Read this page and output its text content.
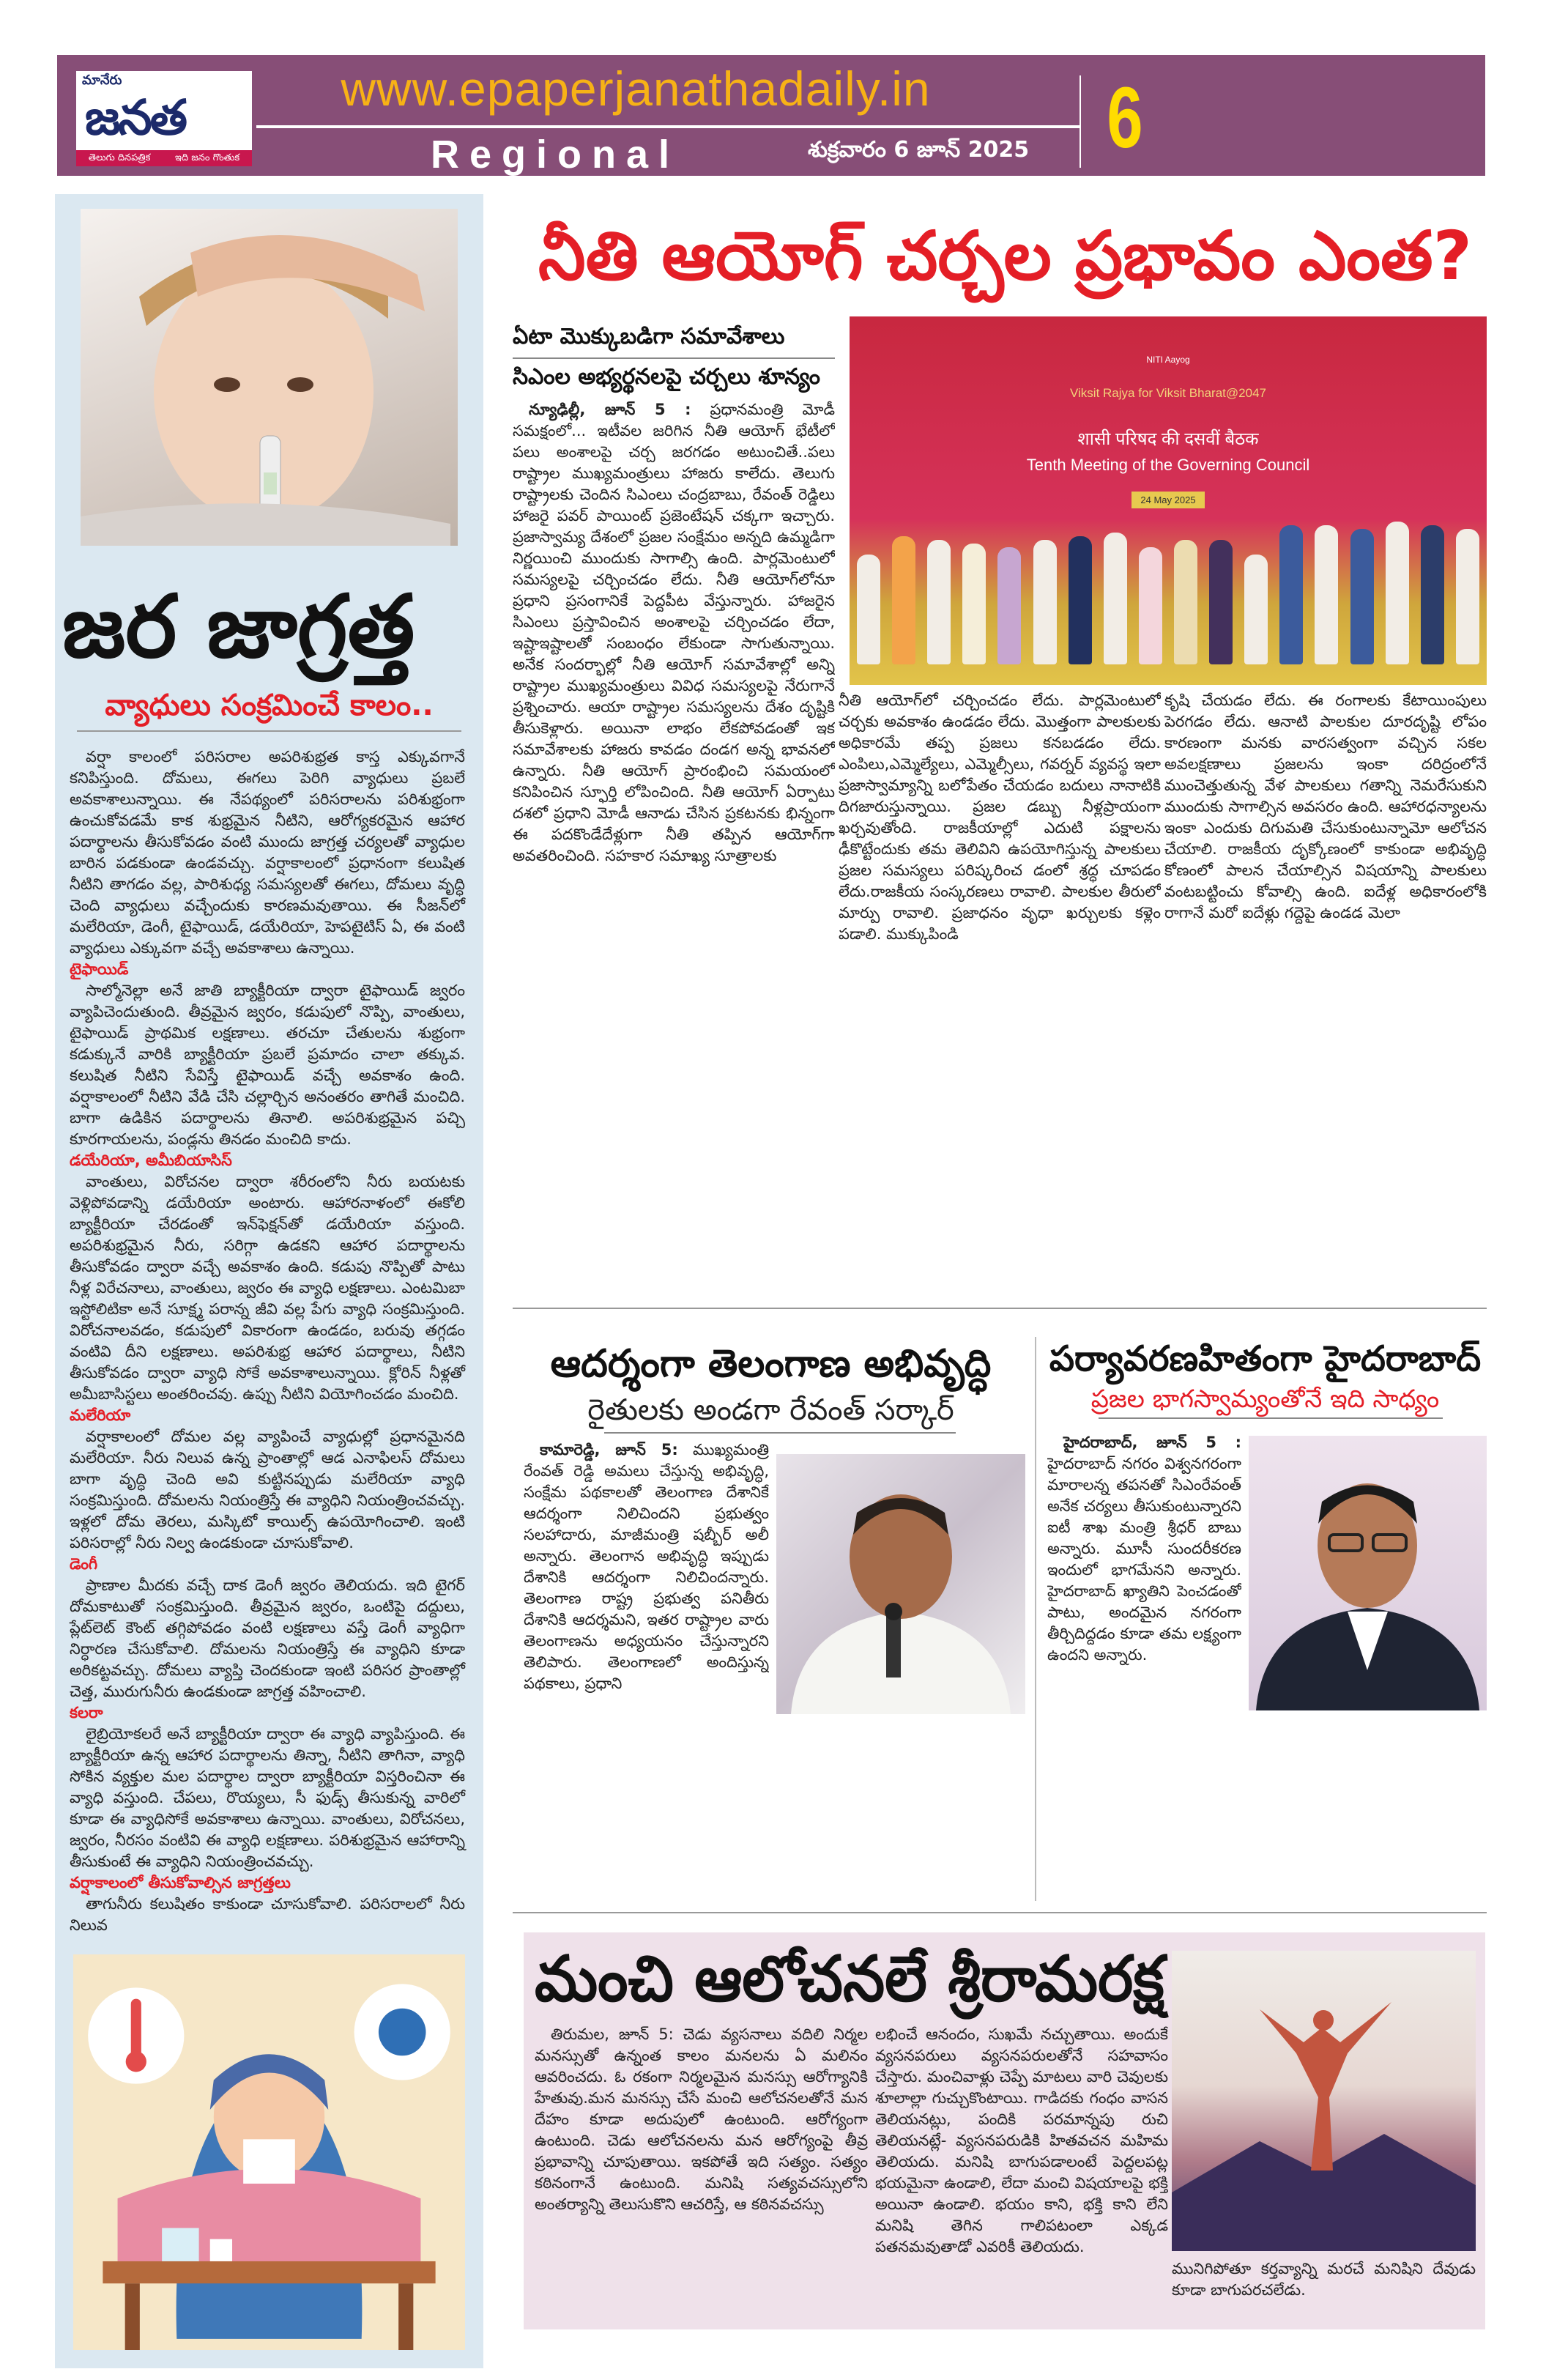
మానేరు
జనత
తెలుగు దినపత్రిక	ఇది జనం గొంతుక
www.epaperjanathadaily.in
Regional	శుక్రవారం 6 జూన్ 2025 6
జర జాగ్రత్త
వ్యాధులు సంక్రమించే కాలం..

వర్షా కాలంలో పరిసరాల అపరిశుభ్రత కాస్త ఎక్కువగానే కనిపిస్తుంది. దోమలు, ఈగలు పెరిగి వ్యాధులు ప్రబలే అవకాశాలున్నాయి. ఈ నేపథ్యంలో పరిసరాలను పరిశుభ్రంగా ఉంచుకోవడమే కాక శుభ్రమైన నీటిని, ఆరోగ్యకరమైన ఆహార పదార్థాలను తీసుకోవడం వంటి ముందు జాగ్రత్త చర్యలతో వ్యాధుల బారిన పడకుండా ఉండవచ్చు. వర్షాకాలంలో ప్రధానంగా కలుషిత నీటిని తాగడం వల్ల, పారిశుధ్య సమస్యలతో ఈగలు, దోమలు వృద్ధి చెంది వ్యాధులు వచ్చేందుకు కారణమవుతాయి. ఈ సీజన్‌లో మలేరియా, డెంగీ, టైఫాయిడ్, డయేరియా, హెపటైటిస్ ఏ, ఈ వంటి వ్యాధులు ఎక్కువగా వచ్చే అవకాశాలు ఉన్నాయి.

టైఫాయిడ్

సాల్మోనెల్లా అనే జాతి బ్యాక్టీరియా ద్వారా టైఫాయిడ్ జ్వరం వ్యాపిచెందుతుంది. తీవ్రమైన జ్వరం, కడుపులో నొప్పి, వాంతులు, టైఫాయిడ్ ప్రాథమిక లక్షణాలు. తరచూ చేతులను శుభ్రంగా కడుక్కునే వారికి బ్యాక్టీరియా ప్రబలే ప్రమాదం చాలా తక్కువ. కలుషిత నీటిని సేవిస్తే టైఫాయిడ్ వచ్చే అవకాశం ఉంది. వర్షాకాలంలో నీటిని వేడి చేసి చల్లార్చిన అనంతరం తాగితే మంచిది. బాగా ఉడికిన పదార్థాలను తినాలి. అపరిశుభ్రమైన పచ్చి కూరగాయలను, పండ్లను తినడం మంచిది కాదు.

డయేరియా, అమీబియాసిస్

వాంతులు, విరోచనల ద్వారా శరీరంలోని నీరు బయటకు వెళ్లిపోవడాన్ని డయేరియా అంటారు. ఆహారనాళంలో ఈకోలి బ్యాక్టీరియా చేరడంతో ఇన్‌ఫెక్షన్‌తో డయేరియా వస్తుంది. అపరిశుభ్రమైన నీరు, సరిగ్గా ఉడకని ఆహార పదార్థాలను తీసుకోవడం ద్వారా వచ్చే అవకాశం ఉంది. కడుపు నొప్పితో పాటు నీళ్ల విరేచనాలు, వాంతులు, జ్వరం ఈ వ్యాధి లక్షణాలు. ఎంటమిబా ఇస్టోలిటికా అనే సూక్ష్మ పరాన్న జీవి వల్ల పేగు వ్యాధి సంక్రమిస్తుంది. విరోచనాలవడం, కడుపులో వికారంగా ఉండడం, బరువు తగ్గడం వంటివి దీని లక్షణాలు. అపరిశుభ్ర ఆహార పదార్థాలు, నీటిని తీసుకోవడం ద్వారా వ్యాధి సోకే అవకాశాలున్నాయి. క్లోరిన్ నీళ్లతో అమీబాసిస్టలు అంతరించవు. ఉప్పు నీటిని వియోగించడం మంచిది.

మలేరియా

వర్షాకాలంలో దోమల వల్ల వ్యాపించే వ్యాధుల్లో ప్రధానమైనది మలేరియా. నీరు నిలువ ఉన్న ప్రాంతాల్లో ఆడ ఎనాఫిలస్ దోమలు బాగా వృద్ధి చెంది అవి కుట్టినప్పుడు మలేరియా వ్యాధి సంక్రమిస్తుంది. దోమలను నియంత్రిస్తే ఈ వ్యాధిని నియంత్రించవచ్చు. ఇళ్లలో దోమ తెరలు, మస్కిటో కాయిల్స్ ఉపయోగించాలి. ఇంటి పరిసరాల్లో నీరు నిల్వ ఉండకుండా చూసుకోవాలి.

డెంగీ

ప్రాణాల మీదకు వచ్చే దాక డెంగీ జ్వరం తెలియదు. ఇది టైగర్ దోమకాటుతో సంక్రమిస్తుంది. తీవ్రమైన జ్వరం, ఒంటిపై దద్దులు, ప్లేట్‌లెట్ కౌంట్ తగ్గిపోవడం వంటి లక్షణాలు వస్తే డెంగీ వ్యాధిగా నిర్ధారణ చేసుకోవాలి. దోమలను నియంత్రిస్తే ఈ వ్యాధిని కూడా అరికట్టవచ్చు. దోమలు వ్యాప్తి చెందకుండా ఇంటి పరిసర ప్రాంతాల్లో చెత్త, మురుగునీరు ఉండకుండా జాగ్రత్త వహించాలి.

కలరా

లైబ్రియోకలరే అనే బ్యాక్టీరియా ద్వారా ఈ వ్యాధి వ్యాపిస్తుంది. ఈ బ్యాక్టీరియా ఉన్న ఆహార పదార్థాలను తిన్నా, నీటిని తాగినా, వ్యాధి సోకిన వ్యక్తుల మల పదార్థాల ద్వారా బ్యాక్టీరియా విస్తరించినా ఈ వ్యాధి వస్తుంది. చేపలు, రొయ్యలు, సీ ఫుడ్స్ తీసుకున్న వారిలో కూడా ఈ వ్యాధిసోకే అవకాశాలు ఉన్నాయి. వాంతులు, విరోచనలు, జ్వరం, నీరసం వంటివి ఈ వ్యాధి లక్షణాలు. పరిశుభ్రమైన ఆహారాన్ని తీసుకుంటే ఈ వ్యాధిని నియంత్రించవచ్చు.

వర్షాకాలంలో తీసుకోవాల్సిన జాగ్రత్తలు

తాగునీరు కలుషితం కాకుండా చూసుకోవాలి. పరిసరాలలో నీరు నిలువ

నీతి ఆయోగ్ చర్చల ప్రభావం ఎంత?
ఏటా మొక్కుబడిగా సమావేశాలు
సిఎంల అభ్యర్థనలపై చర్చలు శూన్యం
NITI Aayog
Viksit Rajya for Viksit Bharat@2047
शासी परिषद की दसवीं बैठक
Tenth Meeting of the Governing Council
24 May 2025

న్యూఢిల్లీ, జూన్ 5 : ప్రధానమంత్రి మోడీ సమక్షంలో... ఇటీవల జరిగిన నీతి ఆయోగ్ భేటీలో పలు అంశాలపై చర్చ జరగడం అటుంచితే..పలు రాష్ట్రాల ముఖ్యమంత్రులు హాజరు కాలేదు. తెలుగు రాష్ట్రాలకు చెందిన సిఎంలు చంద్రబాబు, రేవంత్ రెడ్డిలు హాజరై పవర్ పాయింట్ ప్రజెంటేషన్ చక్కగా ఇచ్చారు. ప్రజాస్వామ్య దేశంలో ప్రజల సంక్షేమం అన్నది ఉమ్మడిగా నిర్ణయించి ముందుకు సాగాల్సి ఉంది. పార్లమెంటులో సమస్యలపై చర్చించడం లేదు. నీతి ఆయోగ్‌లోనూ ప్రధాని ప్రసంగానికే పెద్దపీట వేస్తున్నారు. హాజరైన సిఎంలు ప్రస్తావించిన అంశాలపై చర్చించడం లేదా, ఇష్టాఇష్టాలతో సంబంధం లేకుండా సాగుతున్నాయి. అనేక సందర్భాల్లో నీతి ఆయోగ్ సమావేశాల్లో అన్ని రాష్ట్రాల ముఖ్యమంత్రులు వివిధ సమస్యలపై నేరుగానే ప్రశ్నించారు. ఆయా రాష్ట్రాల సమస్యలను దేశం దృష్టికి తీసుకెళ్లారు. అయినా లాభం లేకపోవడంతో ఇక సమావేశాలకు హాజరు కావడం దండగ అన్న భావనలో ఉన్నారు. నీతి ఆయోగ్ ప్రారంభించి సమయంలో కనిపించిన స్ఫూర్తి లోపించింది. నీతి ఆయోగ్ ఏర్పాటు దశలో ప్రధాని మోడీ ఆనాడు చేసిన ప్రకటనకు భిన్నంగా ఈ పదకొండేదేళ్లుగా నీతి తప్పిన ఆయోగ్‌గా అవతరించింది. సహకార సమాఖ్య సూత్రాలకు

నీతి ఆయోగ్‌లో చర్చించడం లేదు. పార్లమెంటులో చర్చకు అవకాశం ఉండడం లేదు. మొత్తంగా పాలకులకు అధికారమే తప్ప ప్రజలు కనబడడం లేదు. ఎంపిలు,ఎమ్మెల్యేలు, ఎమ్మెల్సీలు, గవర్నర్ వ్యవస్థ ఇలా ప్రజాస్వామ్యాన్ని బలోపేతం చేయడం బదులు నానాటికి దిగజారుస్తున్నాయి. ప్రజల డబ్బు నీళ్లప్రాయంగా ఖర్చవుతోంది. రాజకీయాల్లో ఎదుటి పక్షాలను ఢీకొట్టేందుకు తమ తెలివిని ఉపయోగిస్తున్న పాలకులు ప్రజల సమస్యలు పరిష్కరించ డంలో శ్రద్ధ చూపడం లేదు.రాజకీయ సంస్కరణలు రావాలి. పాలకుల తీరులో మార్పు రావాలి. ప్రజాధనం వృధా ఖర్చులకు కళ్లెం పడాలి. ముక్కుపిండి

కృషి చేయడం లేదు. ఈ రంగాలకు కేటాయింపులు పెరగడం లేదు. ఆనాటి పాలకుల దూరదృష్టి లోపం కారణంగా మనకు వారసత్వంగా వచ్చిన సకల అవలక్షణాలు ప్రజలను ఇంకా దరిద్రంలోనే ముంచెత్తుతున్న వేళ పాలకులు గతాన్ని నెమరేసుకుని ముందుకు సాగాల్సిన అవసరం ఉంది. ఆహారధన్యాలను ఇంకా ఎందుకు దిగుమతి చేసుకుంటున్నామో ఆలోచన చేయాలి. రాజకీయ దృక్కోణంలో కాకుండా అభివృద్ధి కోణంలో పాలన చేయాల్సిన విషయాన్ని పాలకులు వంటబట్టించు కోవాల్సి ఉంది. ఐదేళ్ల అధికారంలోకి రాగానే మరో ఐదేళ్లు గద్దెపై ఉండడ మెలా

ఆదర్శంగా తెలంగాణ అభివృద్ధి
రైతులకు అండగా రేవంత్ సర్కార్

కామారెడ్డి, జూన్ 5: ముఖ్యమంత్రి రేంవత్ రెడ్డి అమలు చేస్తున్న అభివృద్ధి, సంక్షేమ పథకాలతో తెలంగాణ దేశానికే ఆదర్శంగా నిలిచిందని ప్రభుత్వం సలహాదారు, మాజీమంత్రి షబ్బీర్ అలీ అన్నారు. తెలంగాన అభివృద్ధి ఇప్పుడు దేశానికి ఆదర్శంగా నిలిచిందన్నారు. తెలంగాణ రాష్ట్ర ప్రభుత్వ పనితీరు దేశానికి ఆదర్శమని, ఇతర రాష్ట్రాల వారు తెలంగాణను అధ్యయనం చేస్తున్నారని తెలిపారు. తెలంగాణలో అందిస్తున్న పథకాలు, ప్రధాని

పర్యావరణహితంగా హైదరాబాద్
ప్రజల భాగస్వామ్యంతోనే ఇది సాధ్యం

హైదరాబాద్, జూన్ 5 : హైదరాబాద్ నగరం విశ్వనగరంగా మారాలన్న తపనతో సిఎంరేవంత్ అనేక చర్యలు తీసుకుంటున్నారని ఐటీ శాఖ మంత్రి శ్రీధర్ బాబు అన్నారు. మూసీ సుందరీకరణ ఇందులో భాగమేనని అన్నారు. హైదరాబాద్ ఖ్యాతిని పెంచడంతో పాటు, అందమైన నగరంగా తీర్చిదిద్దడం కూడా తమ లక్ష్యంగా ఉందని అన్నారు.

మంచి ఆలోచనలే శ్రీరామరక్ష

తిరుమల, జూన్ 5: చెడు వ్యసనాలు వదిలి నిర్మల మనస్సుతో ఉన్నంత కాలం మనలను ఏ మలినం ఆవరించదు. ఓ రకంగా నిర్మలమైన మనస్సు ఆరోగ్యానికి హేతువు.మన మనస్సు చేసే మంచి ఆలోచనలతోనే మన దేహం కూడా అదుపులో ఉంటుంది. ఆరోగ్యంగా ఉంటుంది. చెడు ఆలోచనలను మన ఆరోగ్యంపై తీవ్ర ప్రభావాన్ని చూపుతాయి. ఇకపోతే ఇది సత్యం. సత్యం కఠినంగానే ఉంటుంది. మనిషి సత్యవచస్సులోని అంతర్యాన్ని తెలుసుకొని ఆచరిస్తే, ఆ కఠినవచస్సు

లభించే ఆనందం, సుఖమే నచ్చుతాయి. అందుకే వ్యసనపరులు వ్యసనపరులతోనే సహవాసం చేస్తారు. మంచివాళ్లు చెప్పే మాటలు వారి చెవులకు శూలాల్లా గుచ్చుకొంటాయి. గాడిదకు గంధం వాసన తెలియనట్లు, పందికి పరమాన్నపు రుచి తెలియనట్లే- వ్యసనపరుడికి హితవచన మహిమ తెలియదు. మనిషి బాగుపడాలంటే పెద్దలపట్ల భయమైనా ఉండాలి, లేదా మంచి విషయాలపై భక్తి అయినా ఉండాలి. భయం కాని, భక్తి కాని లేని మనిషి తెగిన గాలిపటంలా ఎక్కడ పతనమవుతాడో ఎవరికీ తెలియదు.

మునిగిపోతూ కర్తవ్యాన్ని మరచే మనిషిని దేవుడు కూడా బాగుపరచలేడు.
